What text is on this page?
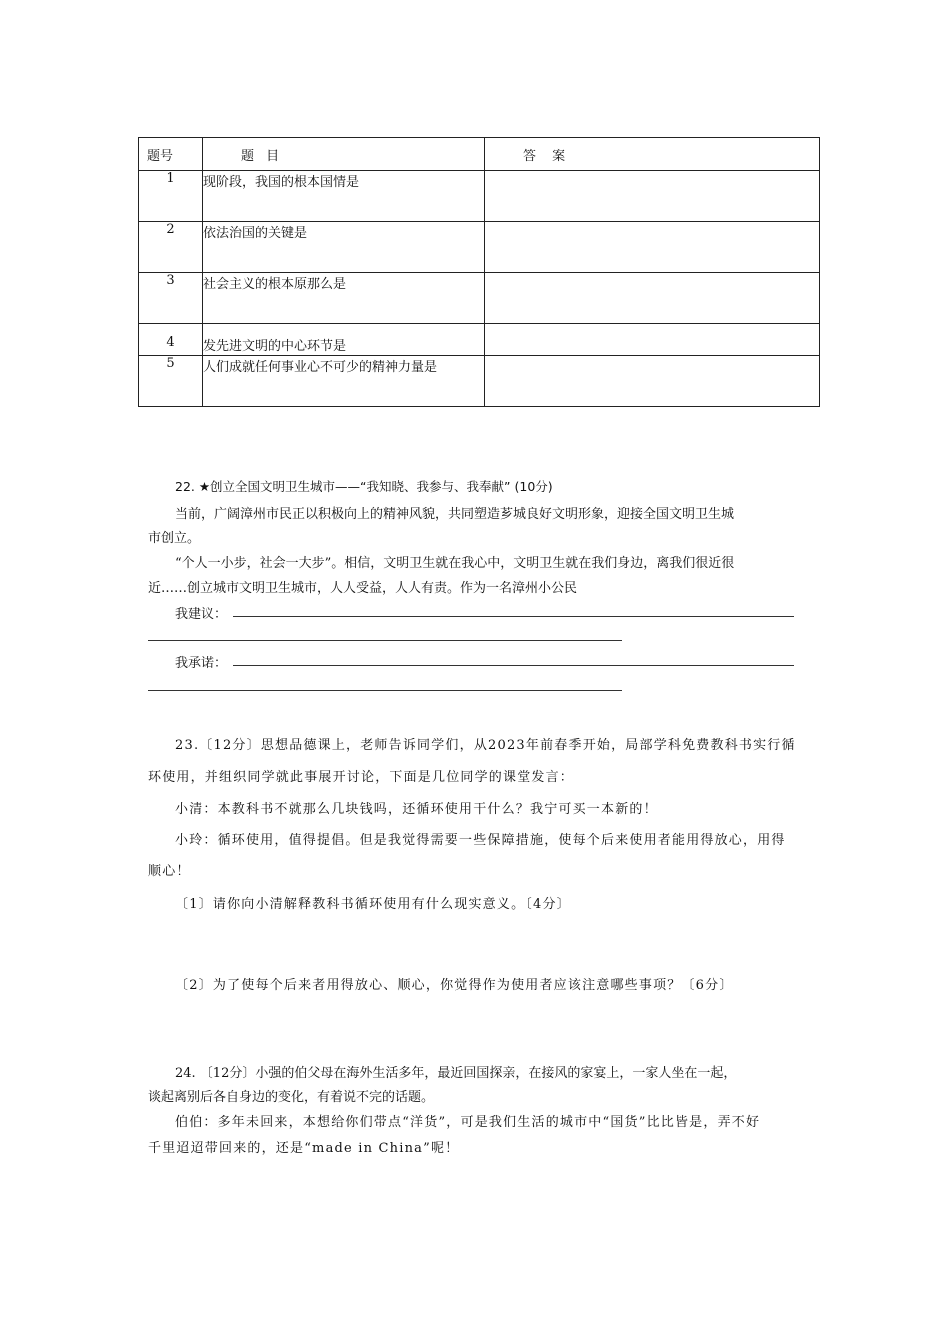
题号	题 目	答 案
1	现阶段，我国的根本国情是	
2	依法治国的关键是	
3	社会主义的根本原那么是	
4	发先进文明的中心环节是	
5	人们成就任何事业心不可少的精神力量是	
22. ★创立全国文明卫生城市——“我知晓、我参与、我奉献” (10分)
当前，广阔漳州市民正以积极向上的精神风貌，共同塑造芗城良好文明形象，迎接全国文明卫生城
市创立。
“个人一小步，社会一大步”。相信，文明卫生就在我心中，文明卫生就在我们身边，离我们很近很
近……创立城市文明卫生城市，人人受益，人人有责。作为一名漳州小公民
我建议：
我承诺：
23.〔12分〕思想品德课上，老师告诉同学们，从2023年前春季开始，局部学科免费教科书实行循
环使用，并组织同学就此事展开讨论，下面是几位同学的课堂发言：
小清：本教科书不就那么几块钱吗，还循环使用干什么？我宁可买一本新的！
小玲：循环使用，值得提倡。但是我觉得需要一些保障措施，使每个后来使用者能用得放心，用得
顺心！
〔1〕请你向小清解释教科书循环使用有什么现实意义。〔4分〕
〔2〕为了使每个后来者用得放心、顺心，你觉得作为使用者应该注意哪些事项？〔6分〕
24. 〔12分〕小强的伯父母在海外生活多年，最近回国探亲，在接风的家宴上，一家人坐在一起，
谈起离别后各自身边的变化，有着说不完的话题。
伯伯：多年未回来，本想给你们带点“洋货”，可是我们生活的城市中“国货”比比皆是，弄不好
千里迢迢带回来的，还是“made in China”呢！
